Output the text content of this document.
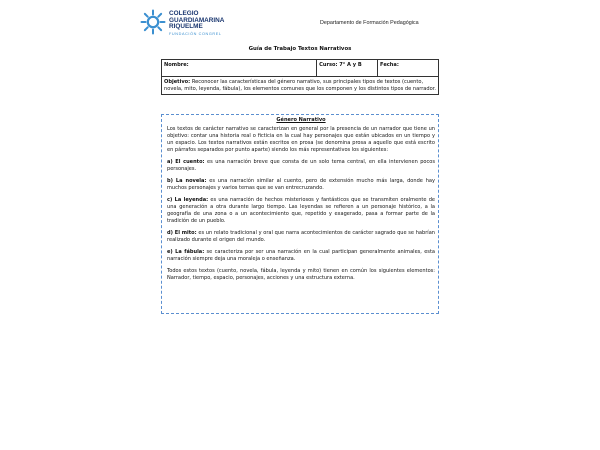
COLEGIO
GUARDIAMARINA
RIQUELME
FUNDACIÓN CONGREL
Departamento de Formación Pedagógica
Guía de Trabajo Textos Narrativos
Nombre:	Curso: 7° A y B	Fecha:
Objetivo: Reconocer las características del género narrativo, sus principales tipos de textos (cuento, novela, mito, leyenda, fábula), los elementos comunes que los componen y los distintos tipos de narrador.
Género Narrativo

Los textos de carácter narrativo se caracterizan en general por la presencia de un narrador que tiene un objetivo: contar una historia real o ficticia en la cual hay personajes que están ubicados en un tiempo y un espacio. Los textos narrativos están escritos en prosa (se denomina prosa a aquello que está escrito en párrafos separados por punto aparte) siendo los más representativos los siguientes:

a) El cuento: es una narración breve que consta de un solo tema central, en ella intervienen pocos personajes.

b) La novela: es una narración similar al cuento, pero de extensión mucho más larga, donde hay muchos personajes y varios temas que se van entrecruzando.

c) La leyenda: es una narración de hechos misteriosos y fantásticos que se transmiten oralmente de una generación a otra durante largo tiempo. Las leyendas se refieren a un personaje histórico, a la geografía de una zona o a un acontecimiento que, repetido y exagerado, pasa a formar parte de la tradición de un pueblo.

d) El mito: es un relato tradicional y oral que narra acontecimientos de carácter sagrado que se habrían realizado durante el origen del mundo.

e) La fábula: se caracteriza por ser una narración en la cual participan generalmente animales, esta narración siempre deja una moraleja o enseñanza.

Todos estos textos (cuento, novela, fábula, leyenda y mito) tienen en común los siguientes elementos: Narrador, tiempo, espacio, personajes, acciones y una estructura externa.
